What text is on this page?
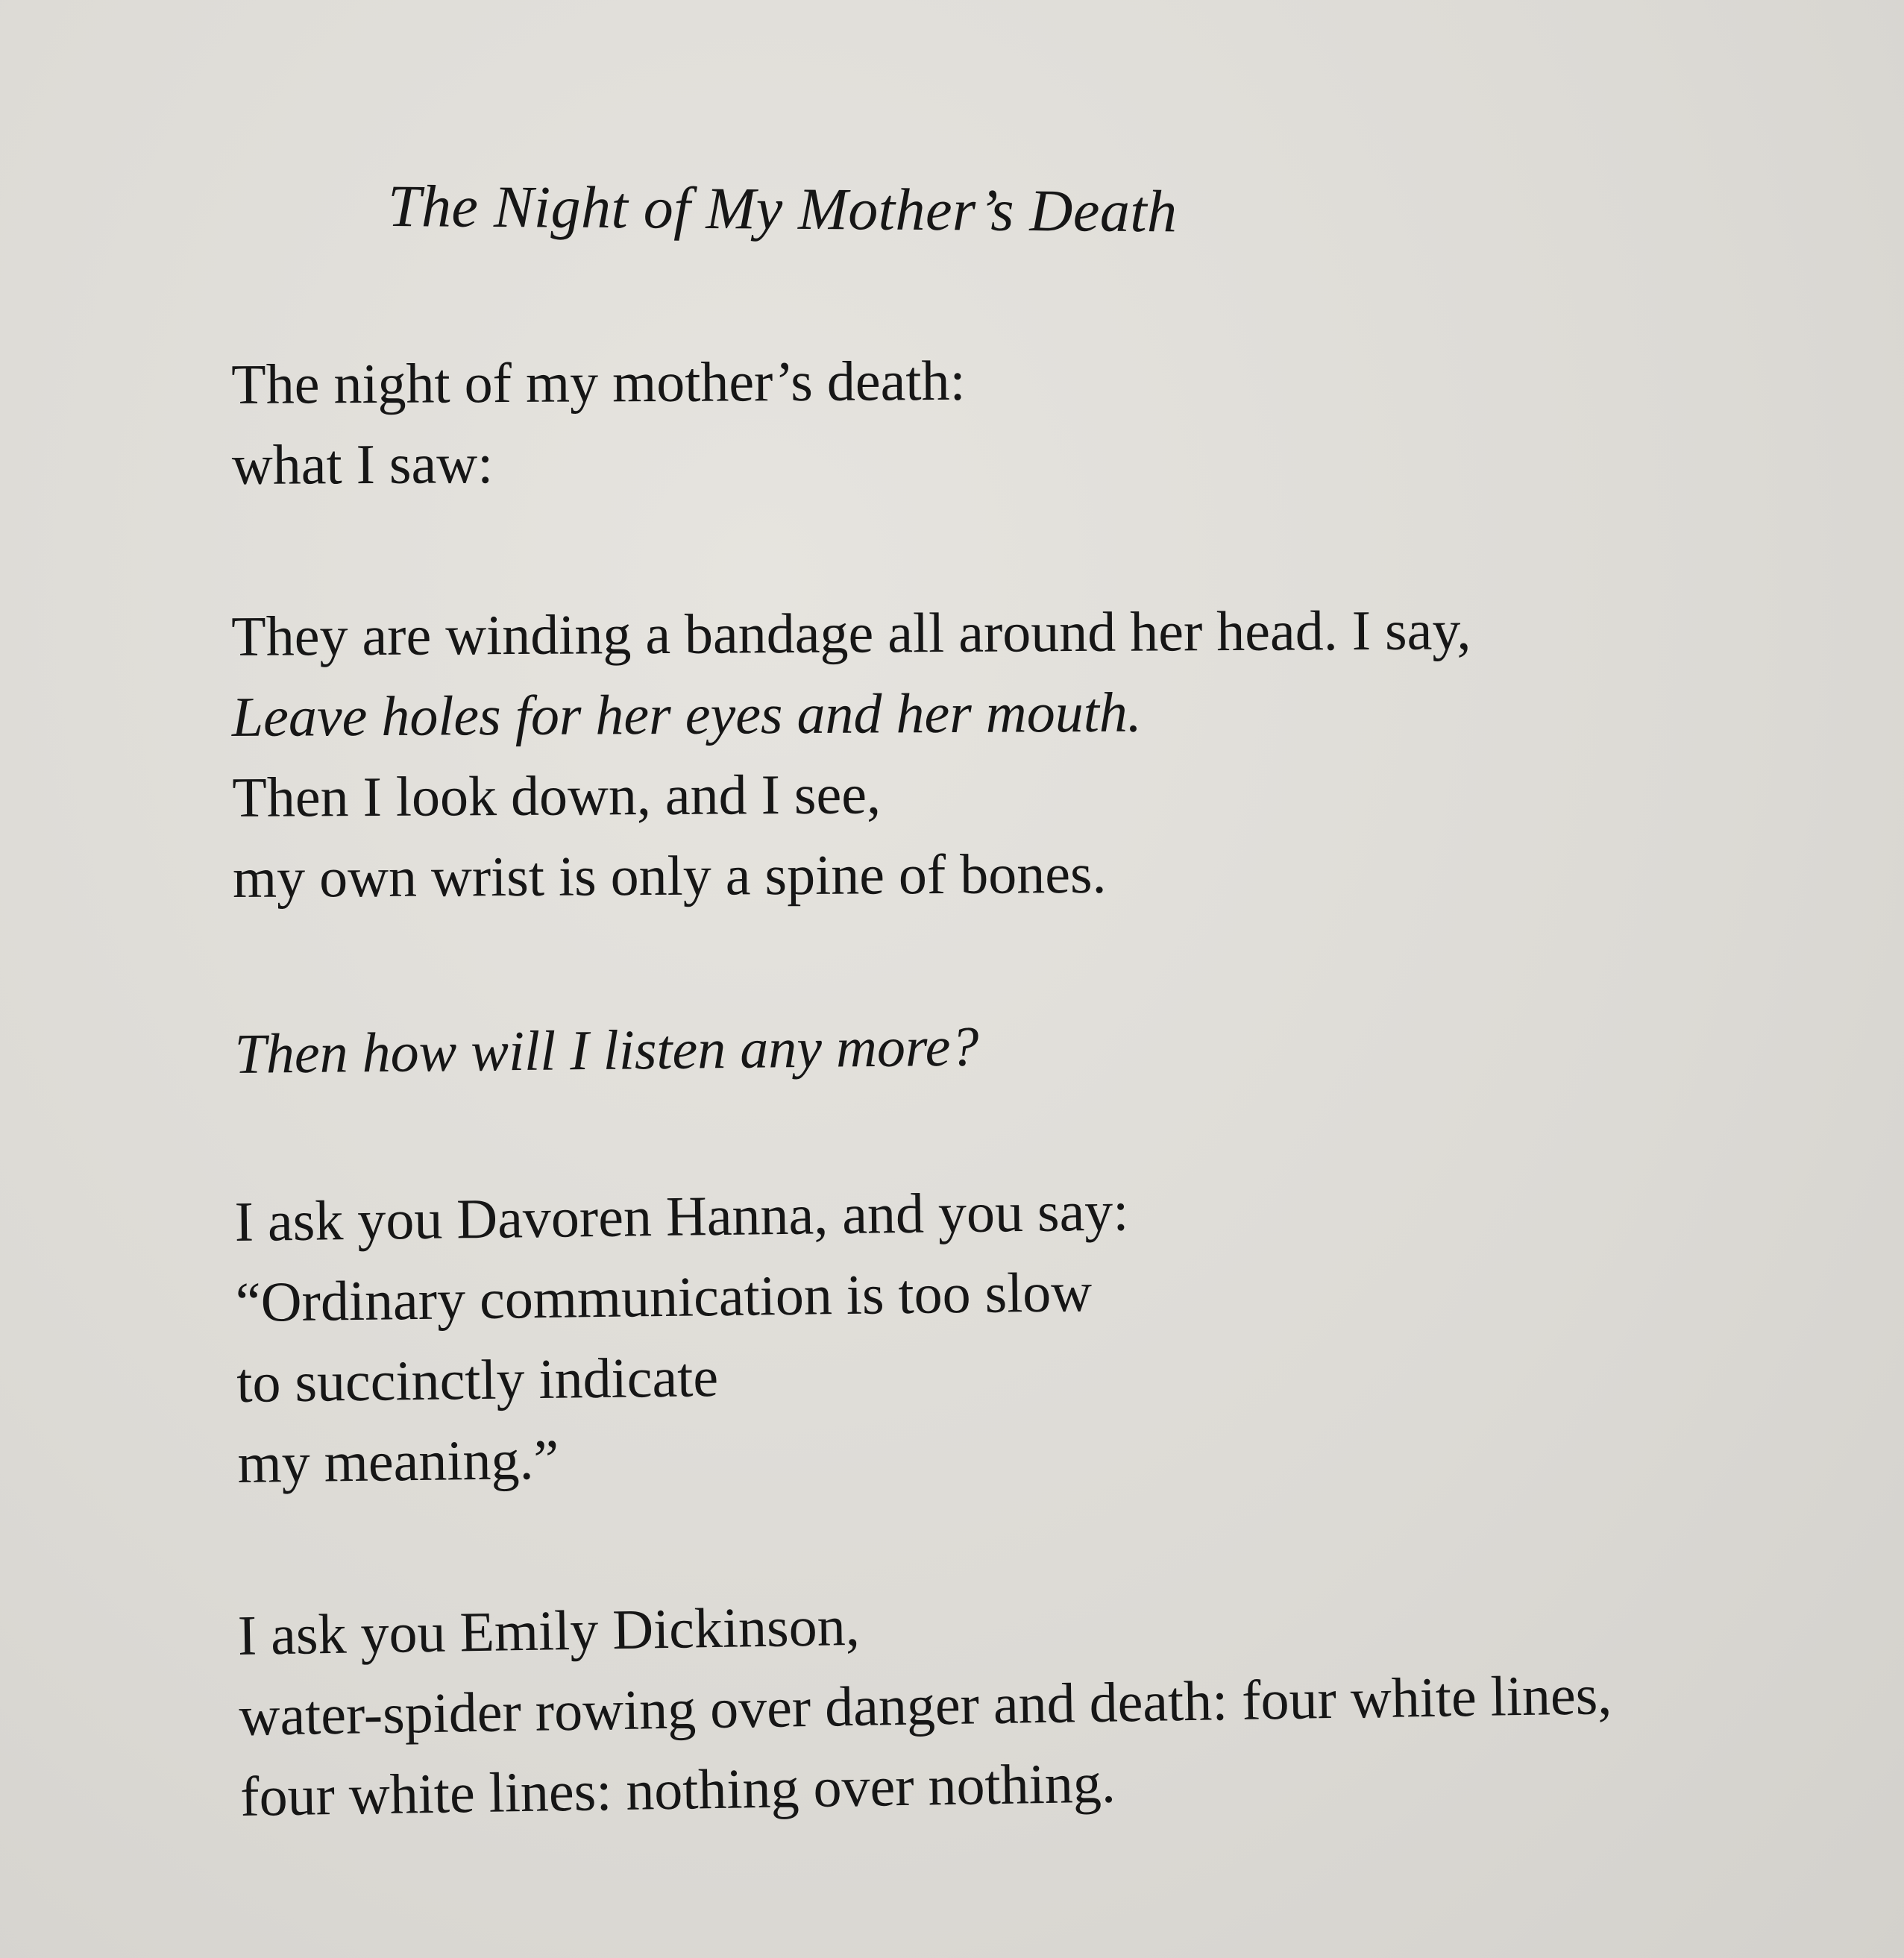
The Night of My Mother’s Death
The night of my mother’s death:
what I saw:
They are winding a bandage all around her head. I say,
Leave holes for her eyes and her mouth.
Then I look down, and I see,
my own wrist is only a spine of bones.
Then how will I listen any more?
I ask you Davoren Hanna, and you say:
“Ordinary communication is too slow
to succinctly indicate
my meaning.”
I ask you Emily Dickinson,
water-spider rowing over danger and death: four white lines,
four white lines: nothing over nothing.
